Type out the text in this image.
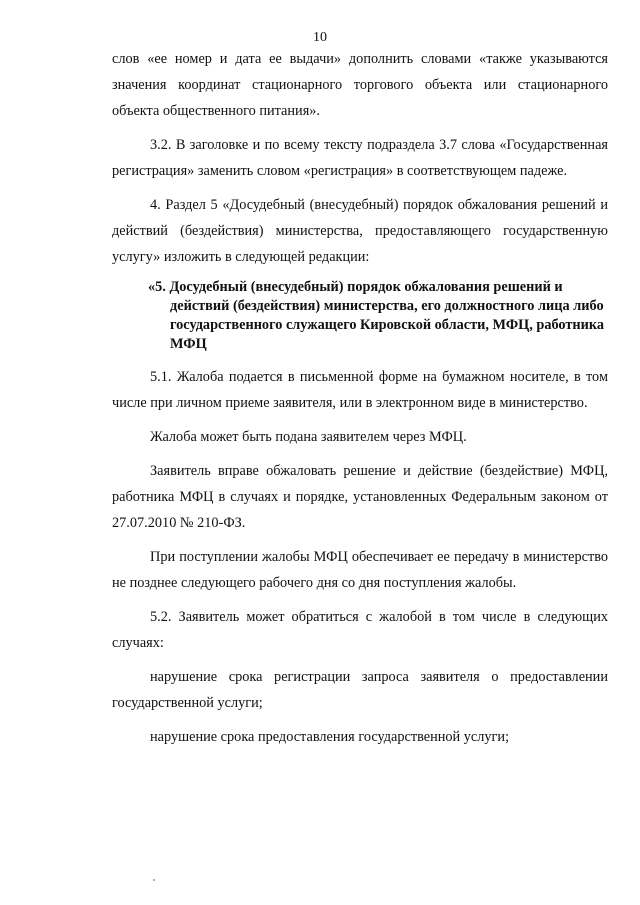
10

слов «ее номер и дата ее выдачи» дополнить словами «также указываются значения координат стационарного торгового объекта или стационарного объекта общественного питания».

3.2. В заголовке и по всему тексту подраздела 3.7 слова «Государственная регистрация» заменить словом «регистрация» в соответствующем падеже.

4. Раздел 5 «Досудебный (внесудебный) порядок обжалования решений и действий (бездействия) министерства, предоставляющего государственную услугу» изложить в следующей редакции:

«5. Досудебный (внесудебный) порядок обжалования решений и действий (бездействия) министерства, его должностного лица либо государственного служащего Кировской области, МФЦ, работника МФЦ

5.1. Жалоба подается в письменной форме на бумажном носителе, в том числе при личном приеме заявителя, или в электронном виде в министерство.

Жалоба может быть подана заявителем через МФЦ.

Заявитель вправе обжаловать решение и действие (бездействие) МФЦ, работника МФЦ в случаях и порядке, установленных Федеральным законом от 27.07.2010 № 210-ФЗ.

При поступлении жалобы МФЦ обеспечивает ее передачу в министерство не позднее следующего рабочего дня со дня поступления жалобы.

5.2. Заявитель может обратиться с жалобой в том числе в следующих случаях:

нарушение срока регистрации запроса заявителя о предоставлении государственной услуги;

нарушение срока предоставления государственной услуги;
